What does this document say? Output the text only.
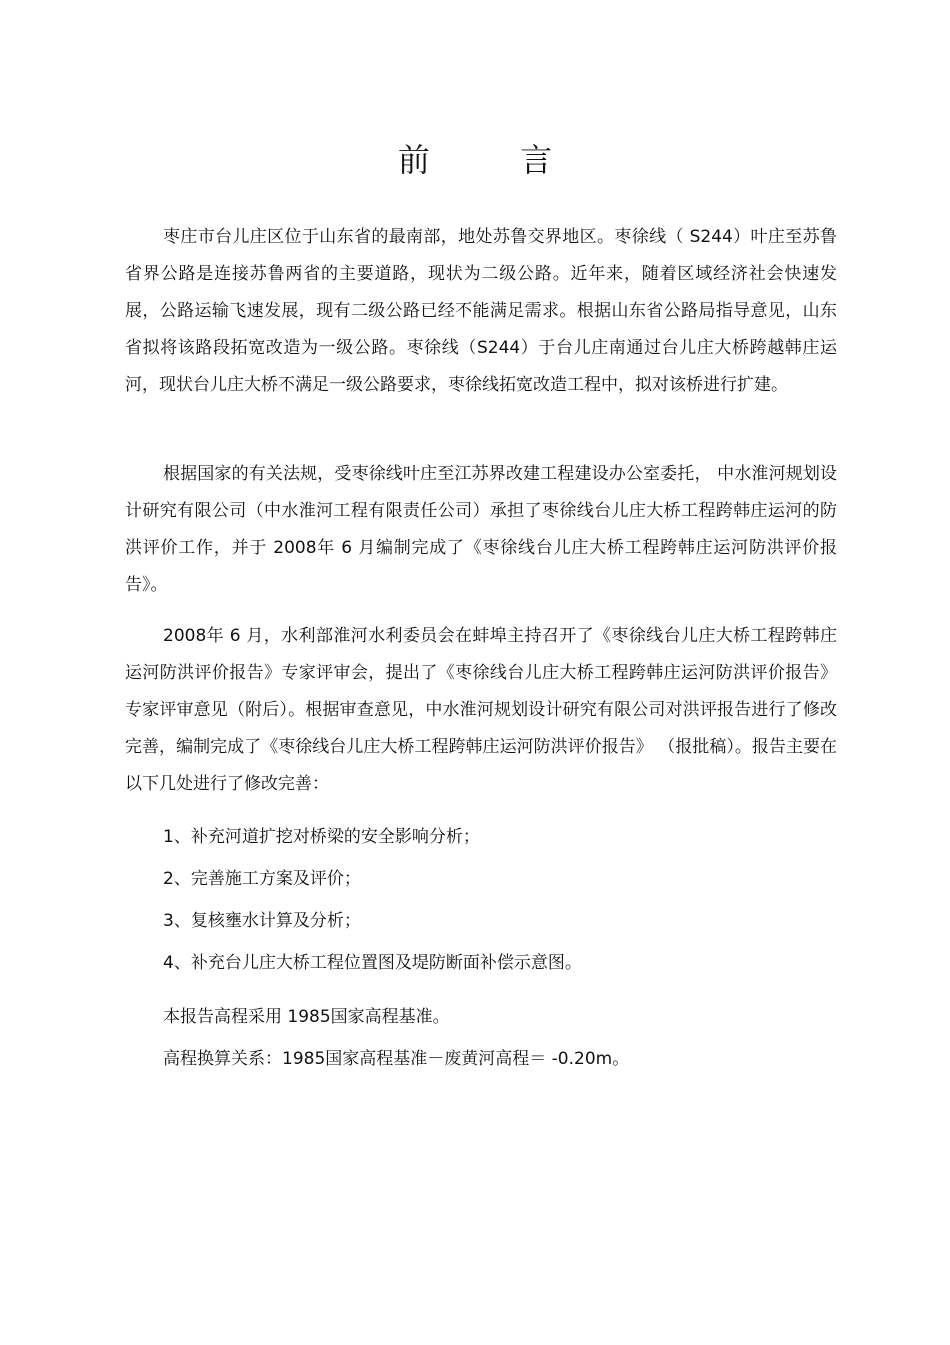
前 言

枣庄市台儿庄区位于山东省的最南部，地处苏鲁交界地区。枣徐线（ S244）叶庄至苏鲁省界公路是连接苏鲁两省的主要道路，现状为二级公路。近年来，随着区域经济社会快速发展，公路运输飞速发展，现有二级公路已经不能满足需求。根据山东省公路局指导意见，山东省拟将该路段拓宽改造为一级公路。枣徐线（S244）于台儿庄南通过台儿庄大桥跨越韩庄运河，现状台儿庄大桥不满足一级公路要求，枣徐线拓宽改造工程中，拟对该桥进行扩建。

根据国家的有关法规，受枣徐线叶庄至江苏界改建工程建设办公室委托， 中水淮河规划设计研究有限公司（中水淮河工程有限责任公司）承担了枣徐线台儿庄大桥工程跨韩庄运河的防洪评价工作，并于 2008年 6 月编制完成了《枣徐线台儿庄大桥工程跨韩庄运河防洪评价报告》。

2008年 6 月，水利部淮河水利委员会在蚌埠主持召开了《枣徐线台儿庄大桥工程跨韩庄运河防洪评价报告》专家评审会，提出了《枣徐线台儿庄大桥工程跨韩庄运河防洪评价报告》专家评审意见（附后）。根据审查意见，中水淮河规划设计研究有限公司对洪评报告进行了修改完善，编制完成了《枣徐线台儿庄大桥工程跨韩庄运河防洪评价报告》 （报批稿）。报告主要在以下几处进行了修改完善：

1、补充河道扩挖对桥梁的安全影响分析；
2、完善施工方案及评价；
3、复核壅水计算及分析；
4、补充台儿庄大桥工程位置图及堤防断面补偿示意图。
本报告高程采用 1985国家高程基准。
高程换算关系：1985国家高程基准－废黄河高程＝ -0.20m。
